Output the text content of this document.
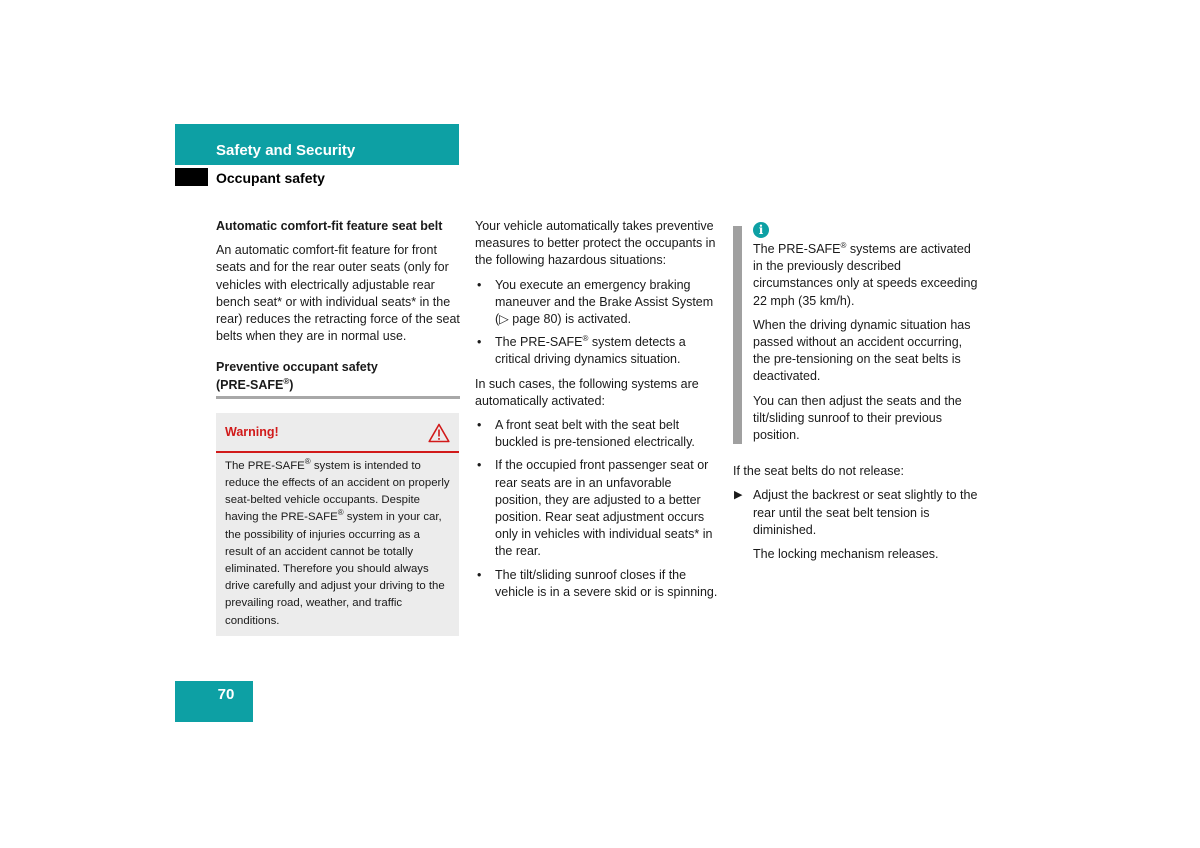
Safety and Security
Occupant safety

Automatic comfort-fit feature seat belt

An automatic comfort-fit feature for front seats and for the rear outer seats (only for vehicles with electrically adjustable rear bench seat* or with individual seats* in the rear) reduces the retracting force of the seat belts when they are in normal use.

Preventive occupant safety
(PRE-SAFE®)
Warning!
The PRE-SAFE® system is intended to reduce the effects of an accident on properly seat-belted vehicle occupants. Despite having the PRE-SAFE® system in your car, the possibility of injuries occurring as a result of an accident cannot be totally eliminated. Therefore you should always drive carefully and adjust your driving to the prevailing road, weather, and traffic conditions.

Your vehicle automatically takes preventive measures to better protect the occupants in the following hazardous situations:

• You execute an emergency braking maneuver and the Brake Assist System (▷ page 80) is activated.
• The PRE-SAFE® system detects a critical driving dynamics situation.

In such cases, the following systems are automatically activated:

• A front seat belt with the seat belt buckled is pre-tensioned electrically.
• If the occupied front passenger seat or rear seats are in an unfavorable position, they are adjusted to a better position. Rear seat adjustment occurs only in vehicles with individual seats* in the rear.
• The tilt/sliding sunroof closes if the vehicle is in a severe skid or is spinning.
i

The PRE-SAFE® systems are activated in the previously described circumstances only at speeds exceeding 22 mph (35 km/h).

When the driving dynamic situation has passed without an accident occurring, the pre-tensioning on the seat belts is deactivated.

You can then adjust the seats and the tilt/sliding sunroof to their previous position.

If the seat belts do not release:

▶ Adjust the backrest or seat slightly to the rear until the seat belt tension is diminished.

The locking mechanism releases.

70
